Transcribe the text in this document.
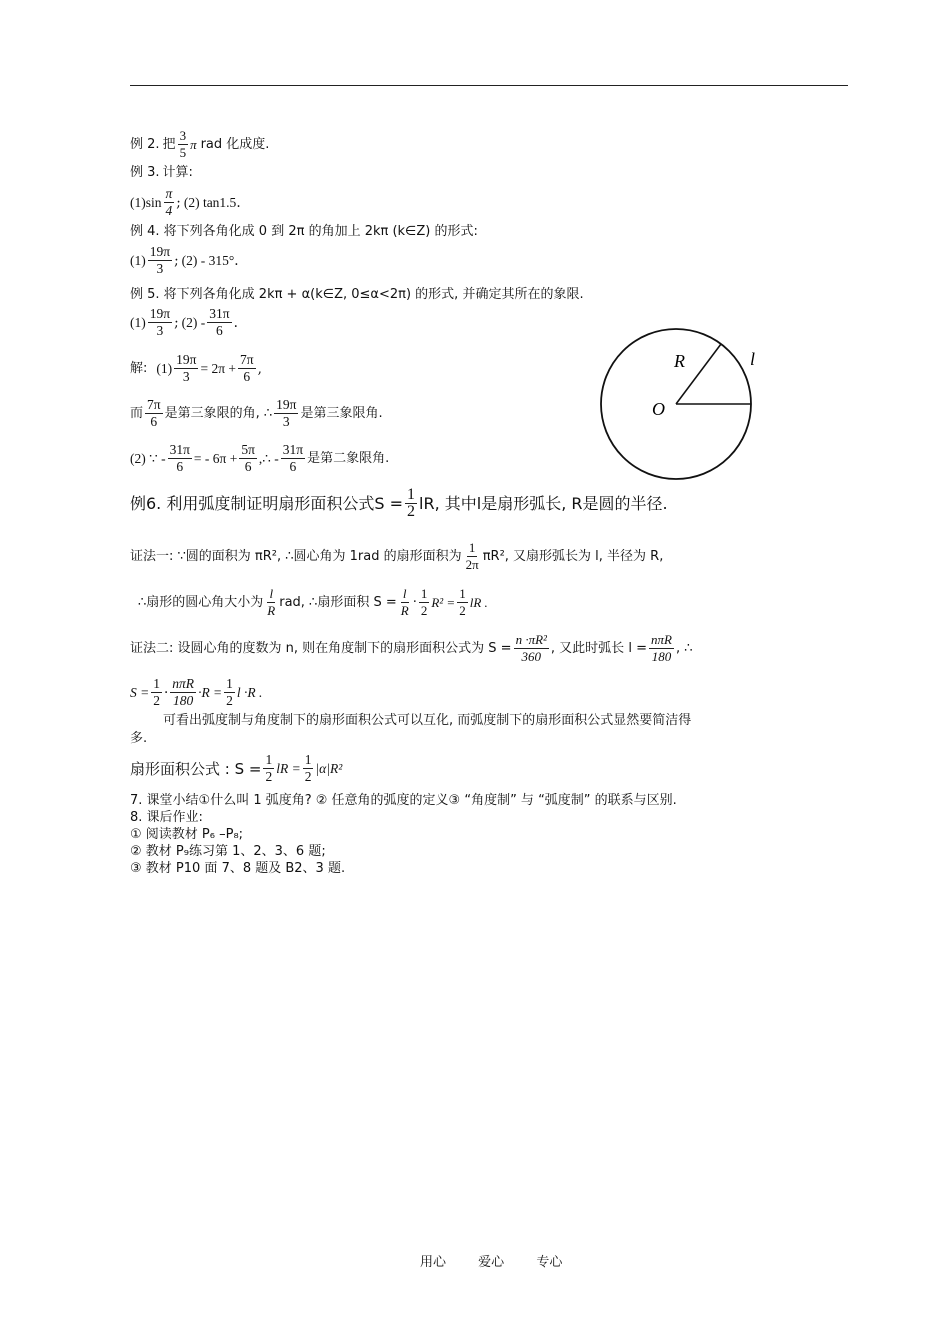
例 2. 把 $\frac{3}{5}$ π rad 化成度.
例 3. 计算:
$(1)\sin \frac{\pi}{4}$ ; (2) tan1.5 .
例 4. 将下列各角化成 0 到 2π 的角加上 2kπ (k∈Z) 的形式:
$(1) \frac{19\pi}{3}$ ; (2) - 315° .
例 5. 将下列各角化成 2kπ + α(k∈Z, 0≤α<2π) 的形式, 并确定其所在的象限.
$(1) \frac{19\pi}{3}$ ; $(2) - \frac{31\pi}{6}$ .
解: $(1) \frac{19\pi}{3} = 2\pi + \frac{7\pi}{6}$ ,
而 $\frac{7\pi}{6}$ 是第三象限的角, ∴ $\frac{19\pi}{3}$ 是第三象限角.
(2) ∵ - $\frac{31\pi}{6}$ = - $6\pi + \frac{5\pi}{6}$ ,∴ - $\frac{31\pi}{6}$ 是第二象限角.
R	l
O
例6. 利用弧度制证明扇形面积公式$S = \frac{1}{2}$ lR, 其中l是扇形弧长, R是圆的半径.
证法一: ∵圆的面积为 πR², ∴圆心角为 1rad 的扇形面积为 $\frac{1}{2\pi} \pi R^2$, 又扇形弧长为 l, 半径为 R,
∴扇形的圆心角大小为 $\frac{l}{R}$ rad, ∴扇形面积 $S = \frac{l}{R} \cdot \frac{1}{2} R^2 = \frac{1}{2}$ lR .
证法二: 设圆心角的度数为 n, 则在角度制下的扇形面积公式为 $S = \frac{\text{n ·πR²}}{360}$ , 又此时弧长 $l = \frac{\text{nπR}}{180}$ , ∴
$S = \frac{1}{2} \cdot \frac{\text{nπR}}{180} \cdot R = \frac{1}{2}$ l ·R .
可看出弧度制与角度制下的扇形面积公式可以互化, 而弧度制下的扇形面积公式显然要简洁得
多.
扇形面积公式 : $S = \frac{1}{2}$ lR = $\frac{1}{2} |\alpha|R^2$
7. 课堂小结①什么叫 1 弧度角? ② 任意角的弧度的定义③ “角度制” 与 “弧度制” 的联系与区别.
8. 课后作业:
① 阅读教材 P₆ –P₈;
② 教材 P₉练习第 1、2、3、6 题;
③ 教材 P10 面 7、8 题及 B2、3 题.
用心 爱心 专心
